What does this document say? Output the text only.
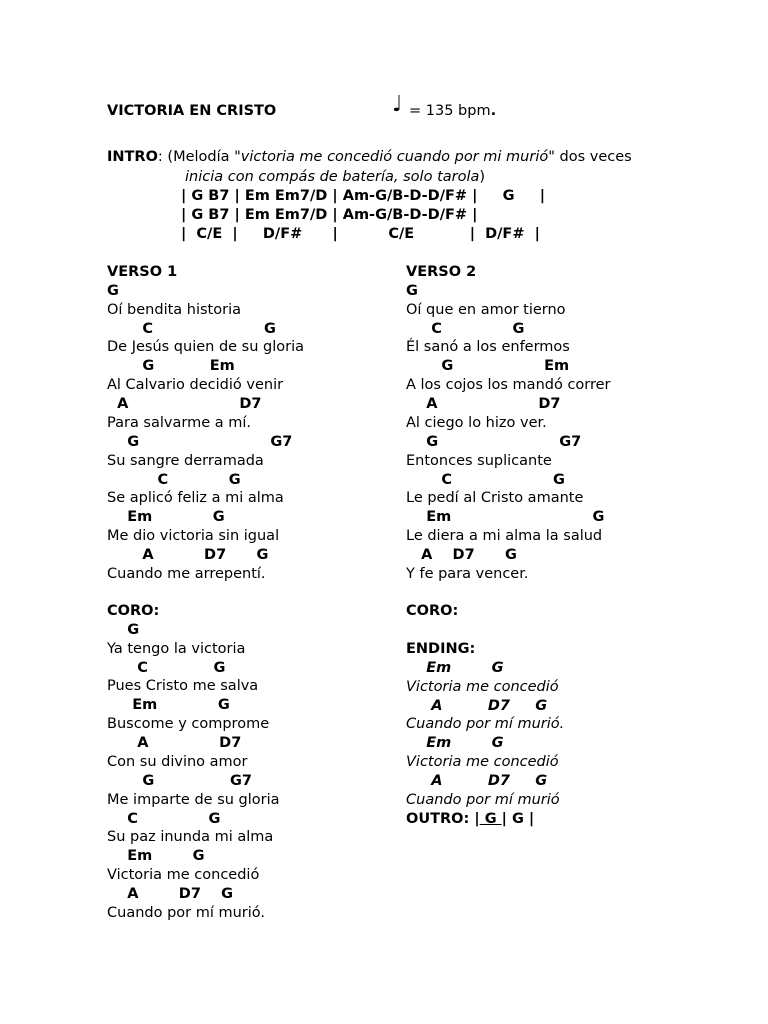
VICTORIA EN CRISTO	♩ = 135 bpm.
INTRO: (Melodía "victoria me concedió cuando por mi murió" dos veces
inicia con compás de batería, solo tarola)
| G B7 | Em Em7/D | Am-G/B-D-D/F# |     G     |
| G B7 | Em Em7/D | Am-G/B-D-D/F# |
|  C/E  |     D/F#      |          C/E           |  D/F#  |
VERSO 1
G
Oí bendita historia
C                      G
De Jesús quien de su gloria
G           Em
Al Calvario decidió venir
A                      D7
Para salvarme a mí.
G                          G7
Su sangre derramada
C            G
Se aplicó feliz a mi alma
Em            G
Me dio victoria sin igual
A          D7      G
Cuando me arrepentí.
VERSO 2
G
Oí que en amor tierno
C              G
Él sanó a los enfermos
G                  Em
A los cojos los mandó correr
A                    D7
Al ciego lo hizo ver.
G                        G7
Entonces suplicante
C                    G
Le pedí al Cristo amante
Em                            G
Le diera a mi alma la salud
A    D7      G
Y fe para vencer.
CORO:
G
Ya tengo la victoria
C             G
Pues Cristo me salva
Em            G
Buscome y comprome
A              D7
Con su divino amor
G               G7
Me imparte de su gloria
C              G
Su paz inunda mi alma
Em        G
Victoria me concedió
A        D7    G
Cuando por mí murió.
CORO:
ENDING:
Em        G
Victoria me concedió
A         D7     G
Cuando por mí murió.
Em        G
Victoria me concedió
A         D7     G
Cuando por mí murió
OUTRO: | G | G |
